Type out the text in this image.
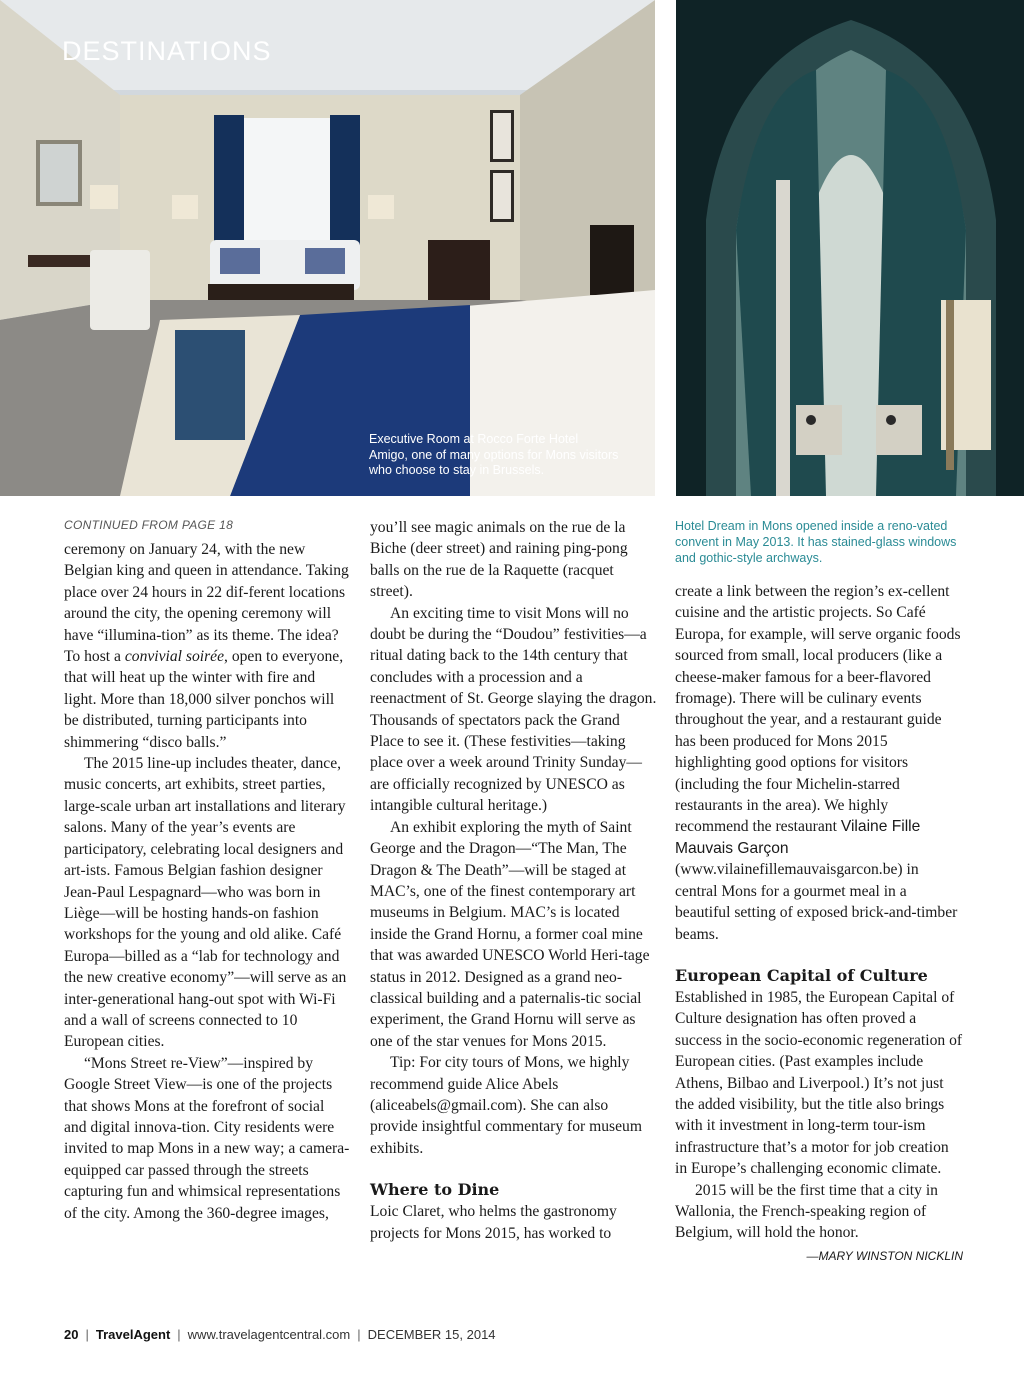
DESTINATIONS
Executive Room at Rocco Forte Hotel Amigo, one of many options for Mons visitors who choose to stay in Brussels.
Hotel Dream in Mons opened inside a reno-vated convent in May 2013. It has stained-glass windows and gothic-style archways.
CONTINUED FROM PAGE 18

ceremony on January 24, with the new Belgian king and queen in attendance. Taking place over 24 hours in 22 dif-ferent locations around the city, the opening ceremony will have “illumina-tion” as its theme. The idea? To host a convivial soirée, open to everyone, that will heat up the winter with fire and light. More than 18,000 silver ponchos will be distributed, turning participants into shimmering “disco balls.”

The 2015 line-up includes theater, dance, music concerts, art exhibits, street parties, large-scale urban art installations and literary salons. Many of the year’s events are participatory, celebrating local designers and art-ists. Famous Belgian fashion designer Jean-Paul Lespagnard—who was born in Liège—will be hosting hands-on fashion workshops for the young and old alike. Café Europa—billed as a “lab for technology and the new creative economy”—will serve as an inter-generational hang-out spot with Wi-Fi and a wall of screens connected to 10 European cities.

“Mons Street re-View”—inspired by Google Street View—is one of the projects that shows Mons at the forefront of social and digital innova-tion. City residents were invited to map Mons in a new way; a camera-equipped car passed through the streets capturing fun and whimsical representations of the city. Among the 360-degree images,

you’ll see magic animals on the rue de la Biche (deer street) and raining ping-pong balls on the rue de la Raquette (racquet street).

An exciting time to visit Mons will no doubt be during the “Doudou” festivities—a ritual dating back to the 14th century that concludes with a procession and a reenactment of St. George slaying the dragon. Thousands of spectators pack the Grand Place to see it. (These festivities—taking place over a week around Trinity Sunday—are officially recognized by UNESCO as intangible cultural heritage.)

An exhibit exploring the myth of Saint George and the Dragon—“The Man, The Dragon & The Death”—will be staged at MAC’s, one of the finest contemporary art museums in Belgium. MAC’s is located inside the Grand Hornu, a former coal mine that was awarded UNESCO World Heri-tage status in 2012. Designed as a grand neo-classical building and a paternalis-tic social experiment, the Grand Hornu will serve as one of the star venues for Mons 2015.

Tip: For city tours of Mons, we highly recommend guide Alice Abels (aliceabels@gmail.com). She can also provide insightful commentary for museum exhibits.

Where to Dine

Loic Claret, who helms the gastronomy projects for Mons 2015, has worked to

create a link between the region’s ex-cellent cuisine and the artistic projects. So Café Europa, for example, will serve organic foods sourced from small, local producers (like a cheese-maker famous for a beer-flavored fromage). There will be culinary events throughout the year, and a restaurant guide has been produced for Mons 2015 highlighting good options for visitors (including the four Michelin-starred restaurants in the area). We highly recommend the restaurant Vilaine Fille Mauvais Garçon (www.vilainefillemauvaisgarcon.be) in central Mons for a gourmet meal in a beautiful setting of exposed brick-and-timber beams.

European Capital of Culture

Established in 1985, the European Capital of Culture designation has often proved a success in the socio-economic regeneration of European cities. (Past examples include Athens, Bilbao and Liverpool.) It’s not just the added visibility, but the title also brings with it investment in long-term tour-ism infrastructure that’s a motor for job creation in Europe’s challenging economic climate.

2015 will be the first time that a city in Wallonia, the French-speaking region of Belgium, will hold the honor.

—MARY WINSTON NICKLIN
20 | TravelAgent | www.travelagentcentral.com | DECEMBER 15, 2014
